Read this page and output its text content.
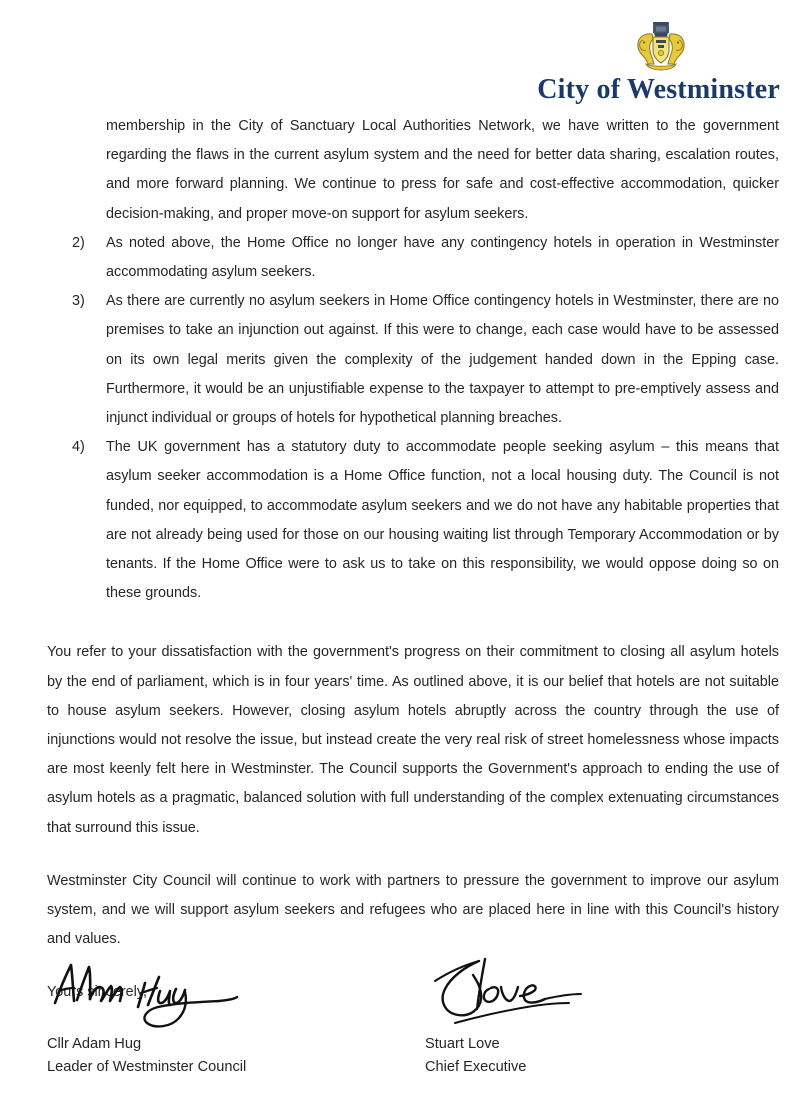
City of Westminster

membership in the City of Sanctuary Local Authorities Network, we have written to the government regarding the flaws in the current asylum system and the need for better data sharing, escalation routes, and more forward planning. We continue to press for safe and cost-effective accommodation, quicker decision-making, and proper move-on support for asylum seekers.

2)	As noted above, the Home Office no longer have any contingency hotels in operation in Westminster accommodating asylum seekers.
3)	As there are currently no asylum seekers in Home Office contingency hotels in Westminster, there are no premises to take an injunction out against. If this were to change, each case would have to be assessed on its own legal merits given the complexity of the judgement handed down in the Epping case. Furthermore, it would be an unjustifiable expense to the taxpayer to attempt to pre-emptively assess and injunct individual or groups of hotels for hypothetical planning breaches.
4)	The UK government has a statutory duty to accommodate people seeking asylum – this means that asylum seeker accommodation is a Home Office function, not a local housing duty. The Council is not funded, nor equipped, to accommodate asylum seekers and we do not have any habitable properties that are not already being used for those on our housing waiting list through Temporary Accommodation or by tenants. If the Home Office were to ask us to take on this responsibility, we would oppose doing so on these grounds.

You refer to your dissatisfaction with the government's progress on their commitment to closing all asylum hotels by the end of parliament, which is in four years' time. As outlined above, it is our belief that hotels are not suitable to house asylum seekers. However, closing asylum hotels abruptly across the country through the use of injunctions would not resolve the issue, but instead create the very real risk of street homelessness whose impacts are most keenly felt here in Westminster. The Council supports the Government's approach to ending the use of asylum hotels as a pragmatic, balanced solution with full understanding of the complex extenuating circumstances that surround this issue.

Westminster City Council will continue to work with partners to pressure the government to improve our asylum system, and we will support asylum seekers and refugees who are placed here in line with this Council's history and values.

Yours sincerely,

Cllr Adam Hug
Leader of Westminster Council
Stuart Love
Chief Executive
